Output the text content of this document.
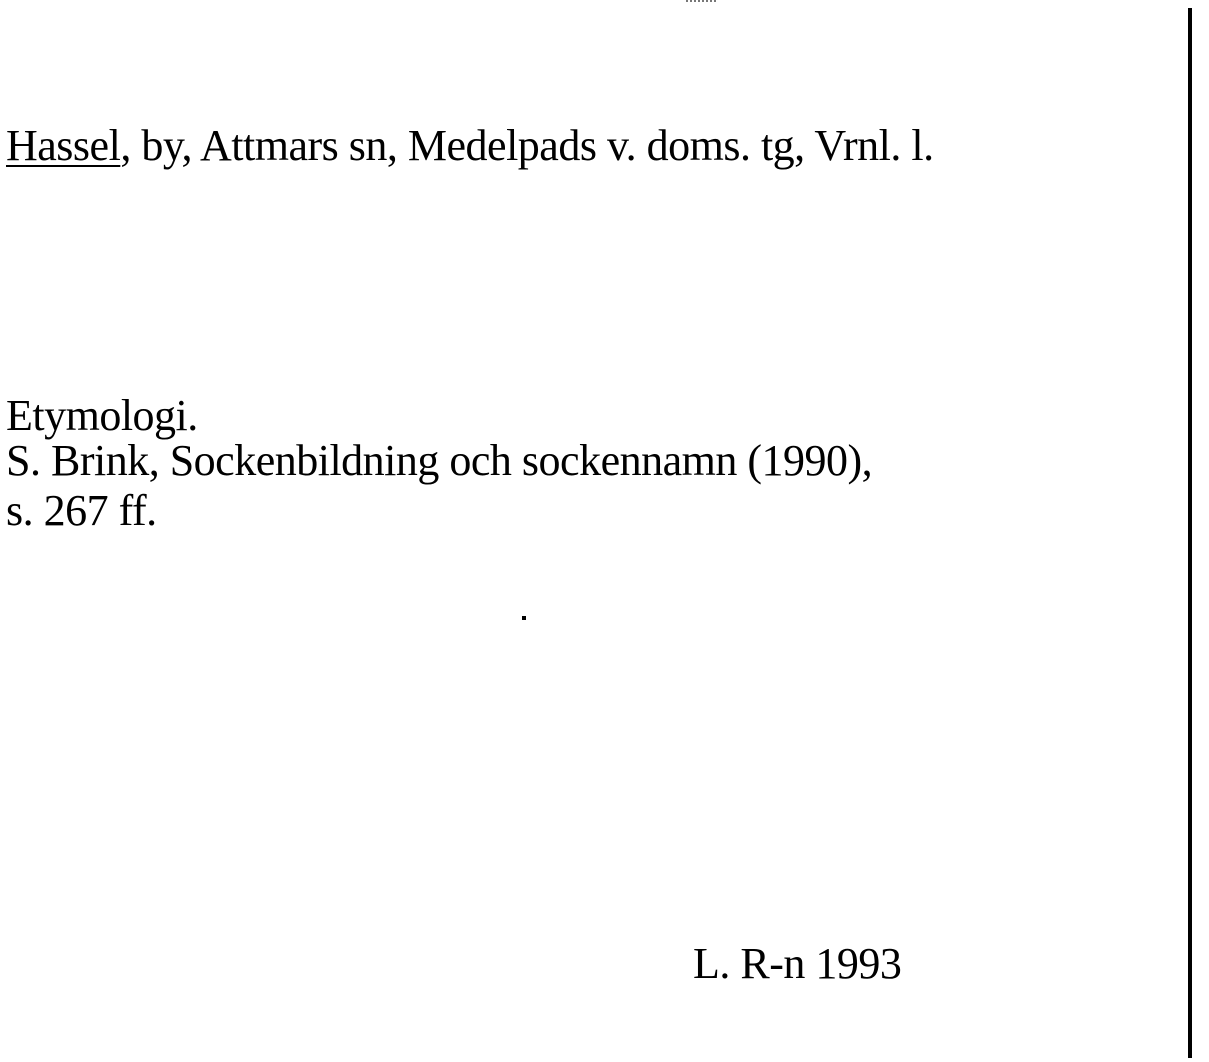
Hassel, by, Attmars sn, Medelpads v. doms. tg, Vrnl. l.
Etymologi.
S. Brink, Sockenbildning och sockennamn (1990),
s. 267 ff.
L. R-n 1993
